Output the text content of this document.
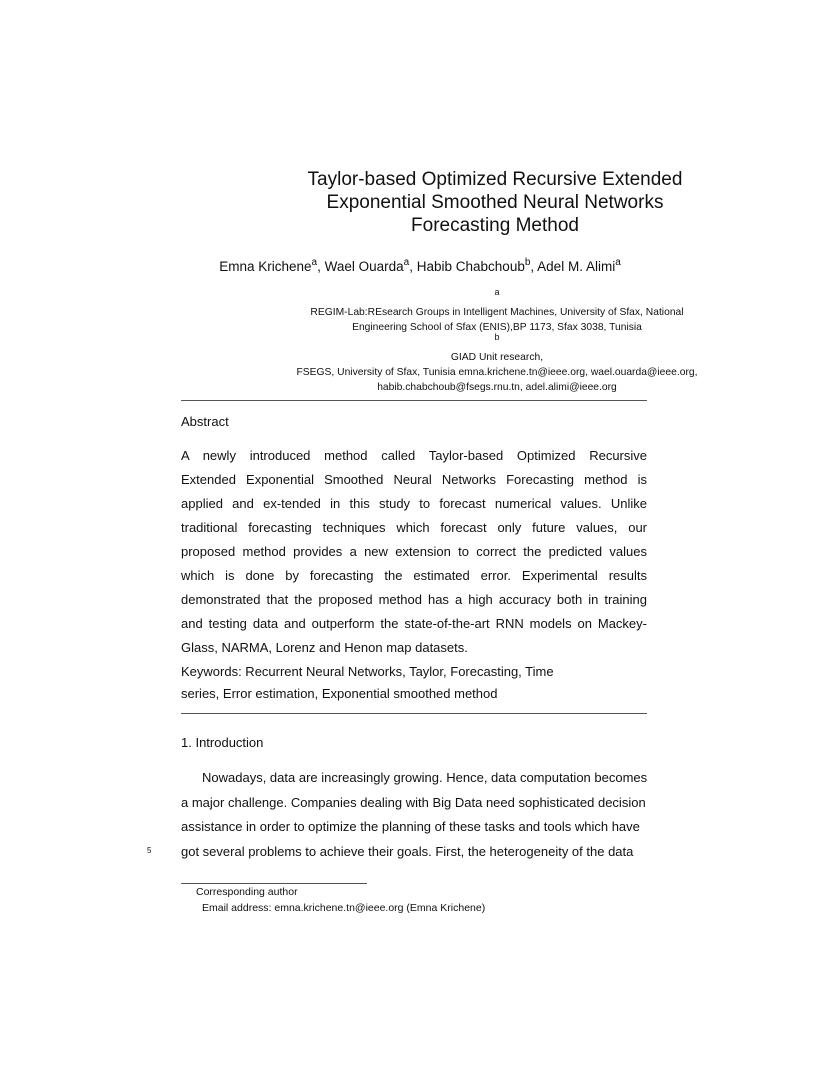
Taylor-based Optimized Recursive Extended
Exponential Smoothed Neural Networks
Forecasting Method
Emna Krichene$^a$, Wael Ouarda$^a$, Habib Chabchoub$^b$, Adel M. Alimi$^a$
$^a$
REGIM-Lab:REsearch Groups in Intelligent Machines, University of Sfax, National
Engineering School of Sfax (ENIS),BP 1173, Sfax 3038, Tunisia
$^b$
GIAD Unit research,
FSEGS, University of Sfax, Tunisia emna.krichene.tn@ieee.org, wael.ouarda@ieee.org,
habib.chabchoub@fsegs.rnu.tn, adel.alimi@ieee.org
Abstract
A newly introduced method called Taylor-based Optimized Recursive
Extended Exponential Smoothed Neural Networks Forecasting method is
applied and ex-tended in this study to forecast numerical values. Unlike
traditional forecasting techniques which forecast only future values, our
proposed method provides a new extension to correct the predicted values
which is done by forecasting the estimated error. Experimental results
demonstrated that the proposed method has a high accuracy both in training
and testing data and outperform the state-of-the-art RNN models on Mackey-
Glass, NARMA, Lorenz and Henon map datasets.
Keywords: Recurrent Neural Networks, Taylor, Forecasting, Time
series, Error estimation, Exponential smoothed method
1. Introduction
Nowadays, data are increasingly growing. Hence, data computation becomes
a major challenge. Companies dealing with Big Data need sophisticated decision
assistance in order to optimize the planning of these tasks and tools which have
got several problems to achieve their goals. First, the heterogeneity of the data
5
Corresponding author
Email address: emna.krichene.tn@ieee.org (Emna Krichene)
